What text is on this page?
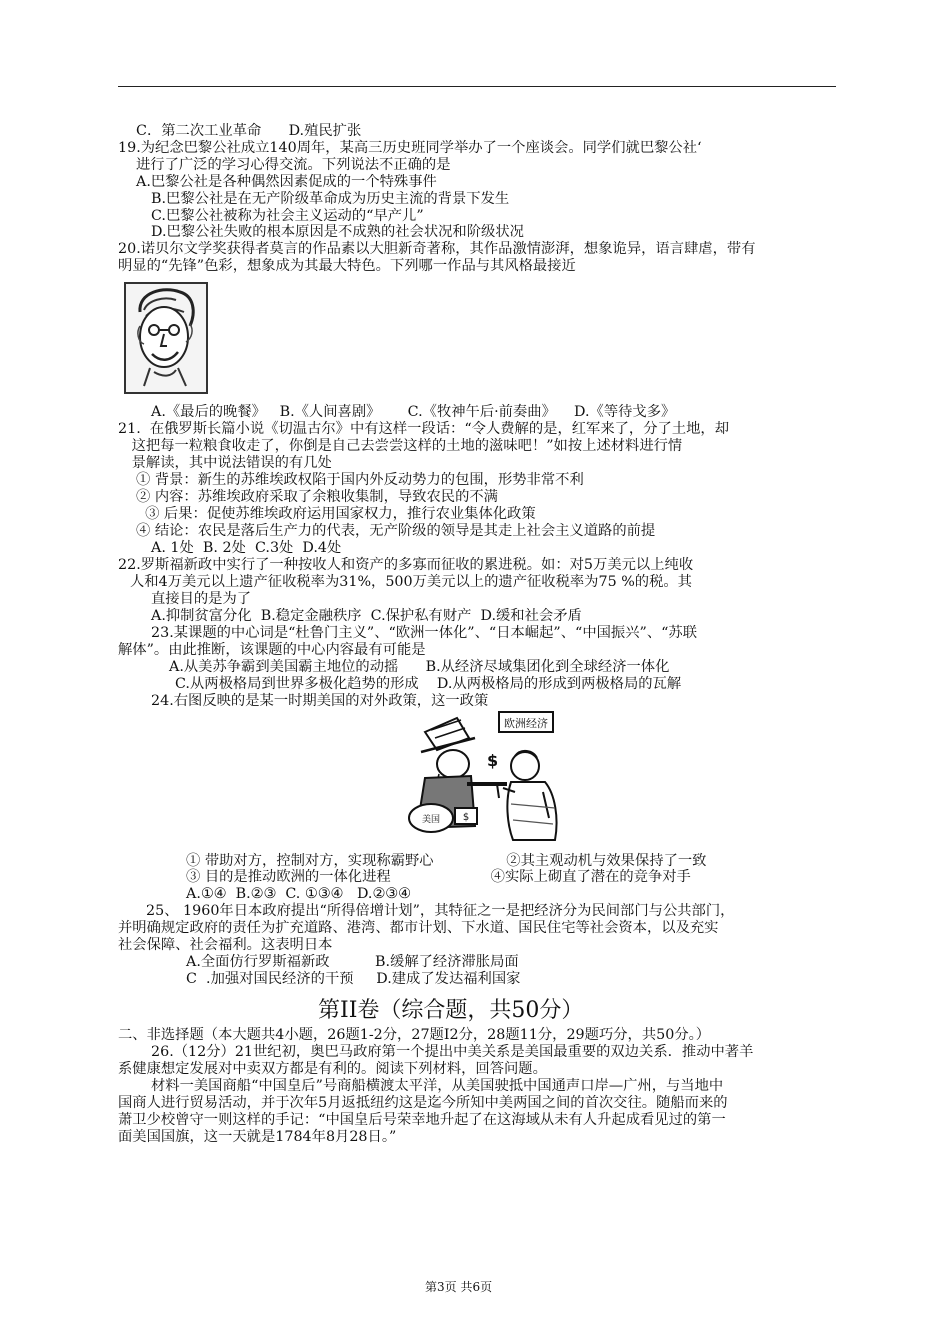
C．第二次工业革命      D.殖民扩张
19.为纪念巴黎公社成立140周年，某高三历史班同学举办了一个座谈会。同学们就巴黎公社‘
进行了广泛的学习心得交流。下列说法不正确的是
A.巴黎公社是各种偶然因素促成的一个特殊事件
B.巴黎公社是在无产阶级革命成为历史主流的背景下发生
C.巴黎公社被称为社会主义运动的“早产儿”
D.巴黎公社失败的根本原因是不成熟的社会状况和阶级状况
20.诺贝尔文学奖获得者莫言的作品素以大胆新奇著称，其作品激情澎湃，想象诡异，语言肆虐，带有
明显的“先锋”色彩，想象成为其最大特色。下列哪一作品与其风格最接近
A.《最后的晚餐》   B.《人间喜剧》      C.《牧神午后·前奏曲》    D.《等待戈多》
21.  在俄罗斯长篇小说《切温古尔》中有这样一段话：“令人费解的是，红军来了，分了土地，却
这把每一粒粮食收走了，你倒是自己去尝尝这样的土地的滋味吧！”如按上述材料进行情
景解读，其中说法错误的有几处
① 背景：新生的苏维埃政权陷于国内外反动势力的包围，形势非常不利
② 内容：苏维埃政府采取了余粮收集制，导致农民的不满
③ 后果：促使苏维埃政府运用国家权力，推行农业集体化政策
④ 结论：农民是落后生产力的代表，无产阶级的领导是其走上社会主义道路的前提
A. 1处  B. 2处  C.3处  D.4处
22.罗斯福新政中实行了一种按收人和资产的多寡而征收的累进税。如：对5万美元以上纯收
人和4万美元以上遗产征收税率为31%，500万美元以上的遗产征收税率为75 %的税。其
直接目的是为了
A.抑制贫富分化  B.稳定金融秩序  C.保护私有财产  D.缓和社会矛盾
23.某课题的中心词是“杜鲁门主义”、“欧洲一体化”、“日本崛起”、“中国振兴”、“苏联
解体”。由此推断，该课题的中心内容最有可能是
A.从美苏争霸到美国霸主地位的动摇      B.从经济尽域集团化到全球经济一体化
C.从两极格局到世界多极化趋势的形成    D.从两极格局的形成到两极格局的瓦解
24.右图反映的是某一时期美国的对外政策，这一政策
欧洲经济
$
美国 $
① 带助对方，控制对方，实现称霸野心                ②其主观动机与效果保持了一致
③ 目的是推动欧洲的一体化进程                      ④实际上砌直了潜在的竞争对手
A.①④  B.②③  C. ①③④   D.②③④
25、 1960年日本政府提出“所得倍增计划”，其特征之一是把经济分为民间部门与公共部门，
并明确规定政府的责任为扩充道路、港湾、都市计划、下水道、国民住宅等社会资本，以及充实
社会保障、社会福利。这表明日本
A.全面仿行罗斯福新政          B.缓解了经济滞胀局面
C  .加强对国民经济的干预     D.建成了发达福利国家
第II卷（综合题，共50分）
二、非选择题（本大题共4小题，26题1-2分，27题I2分，28题11分，29题巧分，共50分。）
26.（12分）21世纪初，奥巴马政府第一个提出中美关系是美国最重要的双边关系．推动中著羊
系健康想定发展对中卖双方都是有利的。阅读下列材料，回答问题。
材料一美国商船“中国皇后”号商船横渡太平洋，从美国驶抵中国通声口岸—广州，与当地中
国商人进行贸易活动，并于次年5月返抵纽约这是迄今所知中美两国之间的首次交往。随船而来的
萧卫少校曾守一则这样的手记：“中国皇后号荣幸地升起了在这海域从未有人升起成看见过的第一
面美国国旗，这一天就是1784年8月28日。”
第3页 共6页
